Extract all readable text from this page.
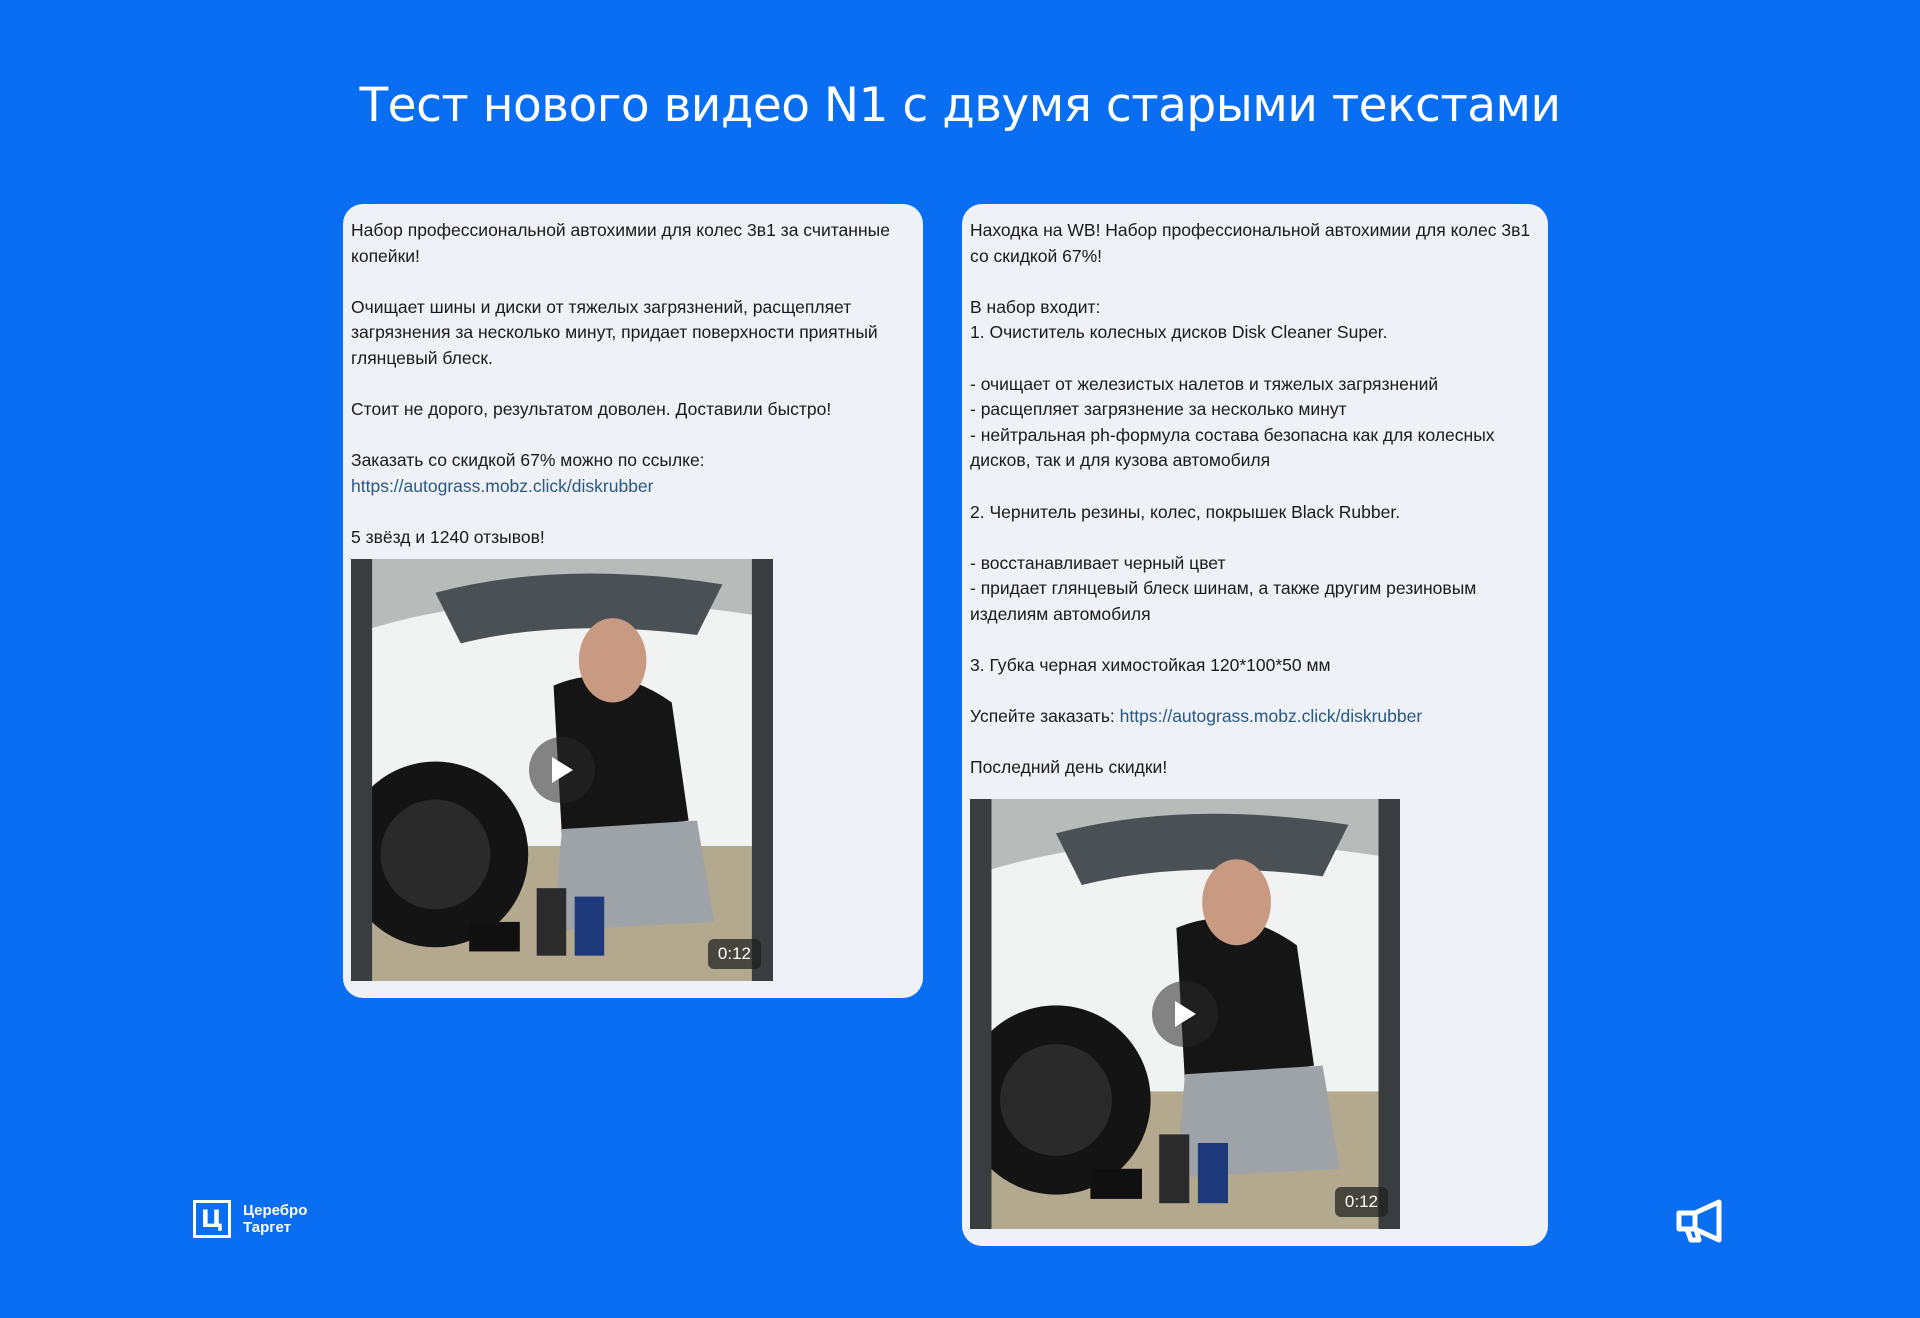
Тест нового видео N1 с двумя старыми текстами

Набор профессиональной автохимии для колес 3в1 за считанные копейки!

Очищает шины и диски от тяжелых загрязнений, расщепляет загрязнения за несколько минут, придает поверхности приятный глянцевый блеск.

Стоит не дорого, результатом доволен. Доставили быстро!

Заказать со скидкой 67% можно по ссылке:
https://autograss.mobz.click/diskrubber

5 звёзд и 1240 отзывов!

0:12

Находка на WB! Набор профессиональной автохимии для колес 3в1 со скидкой 67%!

В набор входит:
1. Очиститель колесных дисков Disk Cleaner Super.

- очищает от железистых налетов и тяжелых загрязнений
- расщепляет загрязнение за несколько минут
- нейтральная ph-формула состава безопасна как для колесных дисков, так и для кузова автомобиля

2. Чернитель резины, колес, покрышек Black Rubber.

- восстанавливает черный цвет
- придает глянцевый блеск шинам, а также другим резиновым изделиям автомобиля

3. Губка черная химостойкая 120*100*50 мм

Успейте заказать: https://autograss.mobz.click/diskrubber

Последний день скидки!

0:12
Ц Церебро
Таргет
